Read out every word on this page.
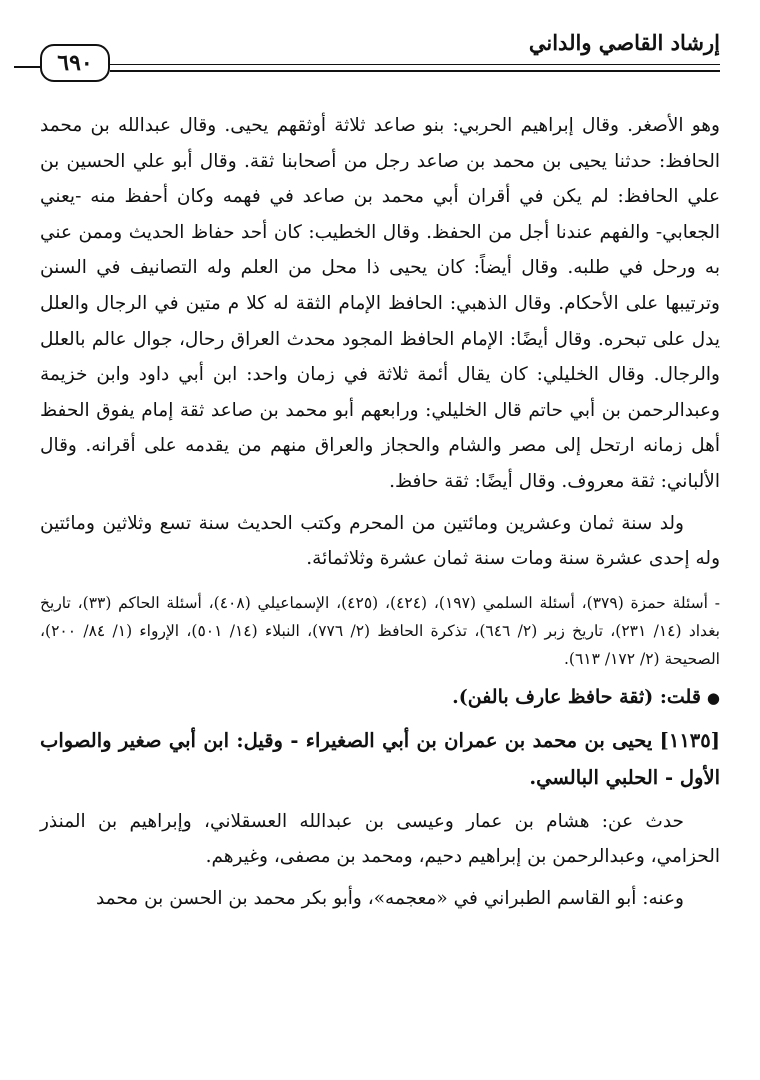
إرشاد القاصي والداني
٦٩٠

وهو الأصغر. وقال إبراهيم الحربي: بنو صاعد ثلاثة أوثقهم يحيى. وقال عبدالله بن محمد الحافظ: حدثنا يحيى بن محمد بن صاعد رجل من أصحابنا ثقة. وقال أبو علي الحسين بن علي الحافظ: لم يكن في أقران أبي محمد بن صاعد في فهمه وكان أحفظ منه -يعني الجعابي- والفهم عندنا أجل من الحفظ. وقال الخطيب: كان أحد حفاظ الحديث وممن عني به ورحل في طلبه. وقال أيضاً: كان يحيى ذا محل من العلم وله التصانيف في السنن وترتيبها على الأحكام. وقال الذهبي: الحافظ الإمام الثقة له كلا م متين في الرجال والعلل يدل على تبحره. وقال أيضًا: الإمام الحافظ المجود محدث العراق رحال، جوال عالم بالعلل والرجال. وقال الخليلي: كان يقال أئمة ثلاثة في زمان واحد: ابن أبي داود وابن خزيمة وعبدالرحمن بن أبي حاتم قال الخليلي: ورابعهم أبو محمد بن صاعد ثقة إمام يفوق الحفظ أهل زمانه ارتحل إلى مصر والشام والحجاز والعراق منهم من يقدمه على أقرانه. وقال الألباني: ثقة معروف. وقال أيضًا: ثقة حافظ.

ولد سنة ثمان وعشرين ومائتين من المحرم وكتب الحديث سنة تسع وثلاثين ومائتين وله إحدى عشرة سنة ومات سنة ثمان عشرة وثلاثمائة.

- أسئلة حمزة (٣٧٩)، أسئلة السلمي (١٩٧)، (٤٢٤)، (٤٢٥)، الإسماعيلي (٤٠٨)، أسئلة الحاكم (٣٣)، تاريخ بغداد (١٤/ ٢٣١)، تاريخ زبر (٢/ ٦٤٦)، تذكرة الحافظ (٢/ ٧٧٦)، النبلاء (١٤/ ٥٠١)، الإرواء (١/ ٨٤/ ٢٠٠)، الصحيحة (٢/ ١٧٢/ ٦١٣).

●قلت: (ثقة حافظ عارف بالفن).

[١١٣٥] يحيى بن محمد بن عمران بن أبي الصغيراء - وقيل: ابن أبي صغير والصواب الأول - الحلبي البالسي.

حدث عن: هشام بن عمار وعيسى بن عبدالله العسقلاني، وإبراهيم بن المنذر الحزامي، وعبدالرحمن بن إبراهيم دحيم، ومحمد بن مصفى، وغيرهم.

وعنه: أبو القاسم الطبراني في «معجمه»، وأبو بكر محمد بن الحسن بن محمد
